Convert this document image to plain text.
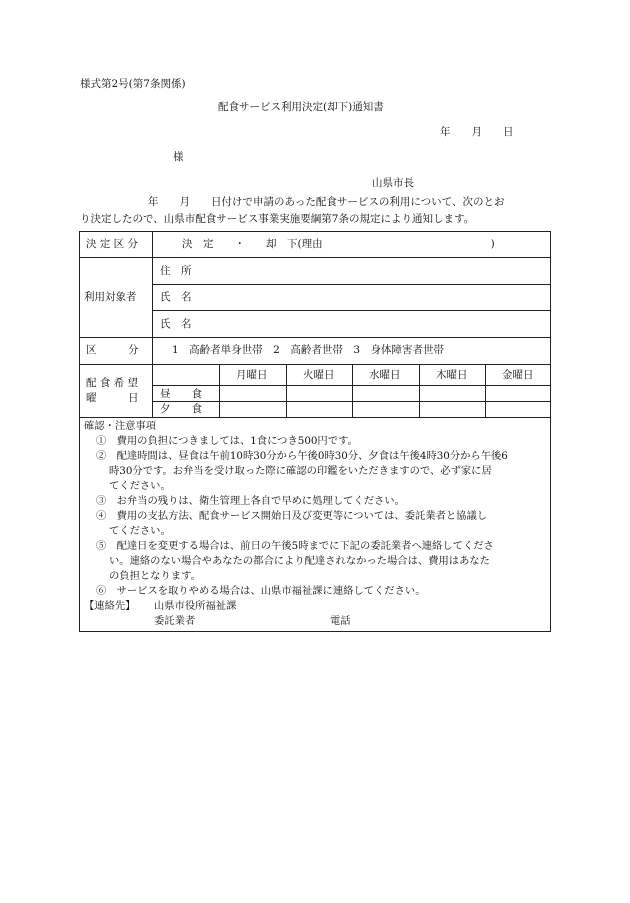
様式第2号(第7条関係)
配食サービス利用決定(却下)通知書
年　　月　　日
様
山県市長
年　　月　　日付けで申請のあった配食サービスの利用について、次のとお
り決定したので、山県市配食サービス事業実施要綱第7条の規定により通知します。
決 定 区 分	決　定　　・　　却　下(理由　　　　　　　　　　　　　　　　)
利用対象者
住　所
氏　名
氏　名
区　　　分	1　高齢者単身世帯　2　高齢者世帯　3　身体障害者世帯
配 食 希 望
曜　　　日
月曜日	火曜日	水曜日	木曜日	金曜日
昼　　食
夕　　食
確認・注意事項
①　費用の負担につきましては、1食につき500円です。
②　配達時間は、昼食は午前10時30分から午後0時30分、夕食は午後4時30分から午後6
時30分です。お弁当を受け取った際に確認の印鑑をいただきますので、必ず家に居
てください。
③　お弁当の残りは、衛生管理上各自で早めに処理してください。
④　費用の支払方法、配食サービス開始日及び変更等については、委託業者と協議し
てください。
⑤　配達日を変更する場合は、前日の午後5時までに下記の委託業者へ連絡してくださ
い。連絡のない場合やあなたの都合により配達されなかった場合は、費用はあなた
の負担となります。
⑥　サービスを取りやめる場合は、山県市福祉課に連絡してください。
【連絡先】 山県市役所福祉課
委託業者	電話
